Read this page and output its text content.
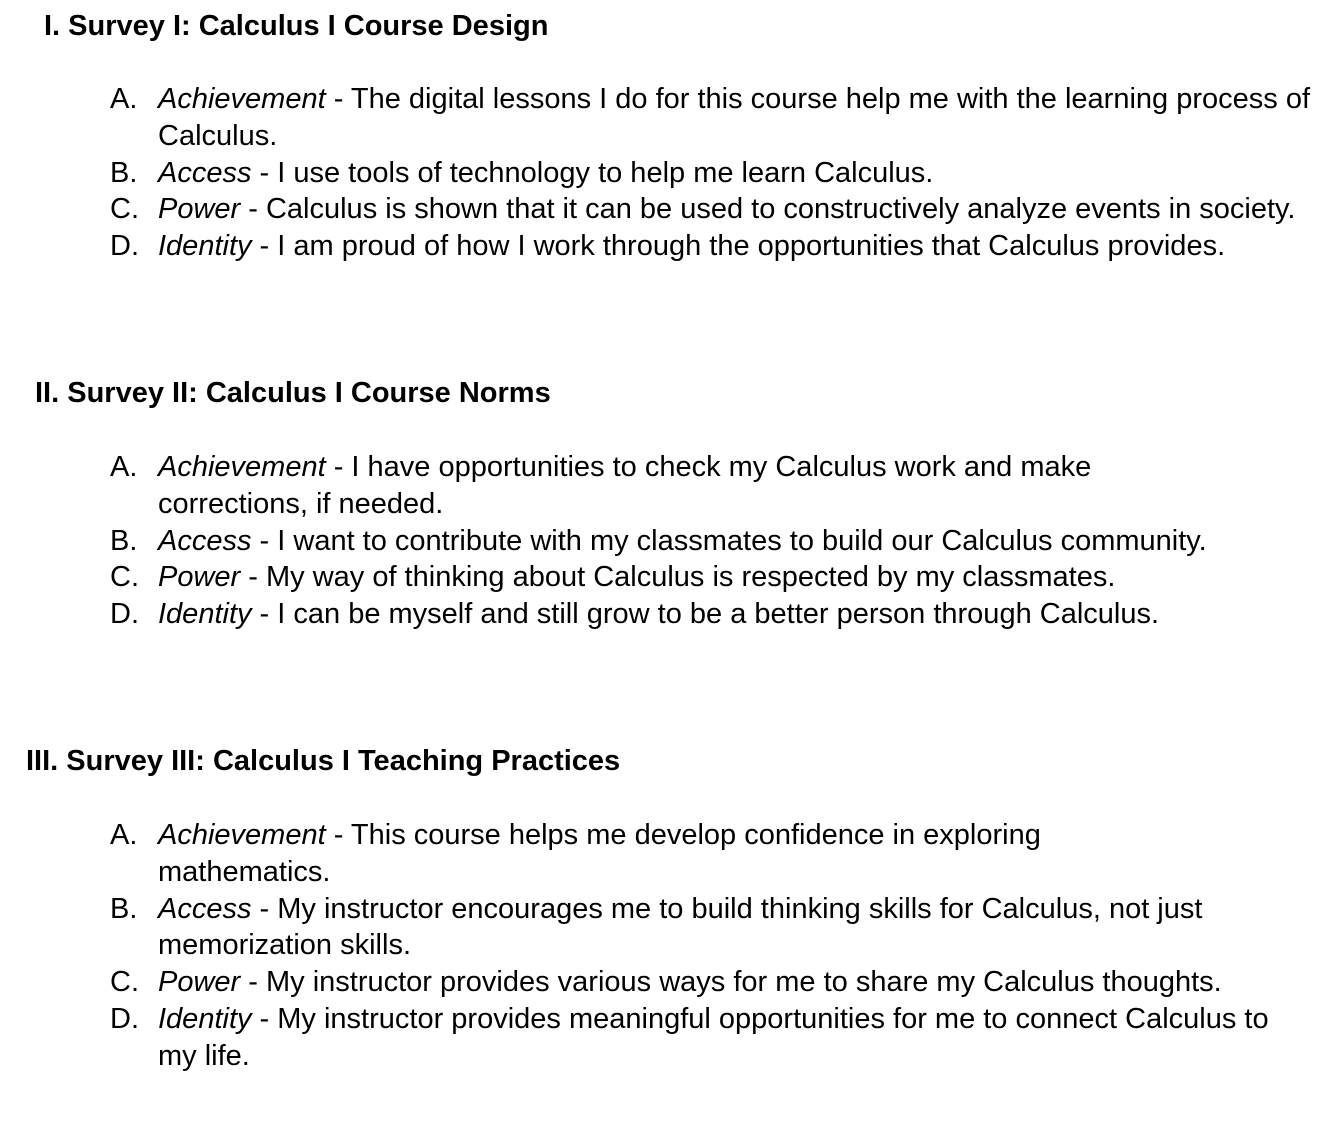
I. Survey I: Calculus I Course Design
A. Achievement - The digital lessons I do for this course help me with the learning process of Calculus.
B. Access - I use tools of technology to help me learn Calculus.
C. Power - Calculus is shown that it can be used to constructively analyze events in society.
D. Identity - I am proud of how I work through the opportunities that Calculus provides.
II. Survey II: Calculus I Course Norms
A. Achievement - I have opportunities to check my Calculus work and make corrections, if needed.
B. Access - I want to contribute with my classmates to build our Calculus community.
C. Power - My way of thinking about Calculus is respected by my classmates.
D. Identity - I can be myself and still grow to be a better person through Calculus.
III. Survey III: Calculus I Teaching Practices
A. Achievement - This course helps me develop confidence in exploring mathematics.
B. Access - My instructor encourages me to build thinking skills for Calculus, not just memorization skills.
C. Power - My instructor provides various ways for me to share my Calculus thoughts.
D. Identity - My instructor provides meaningful opportunities for me to connect Calculus to my life.
